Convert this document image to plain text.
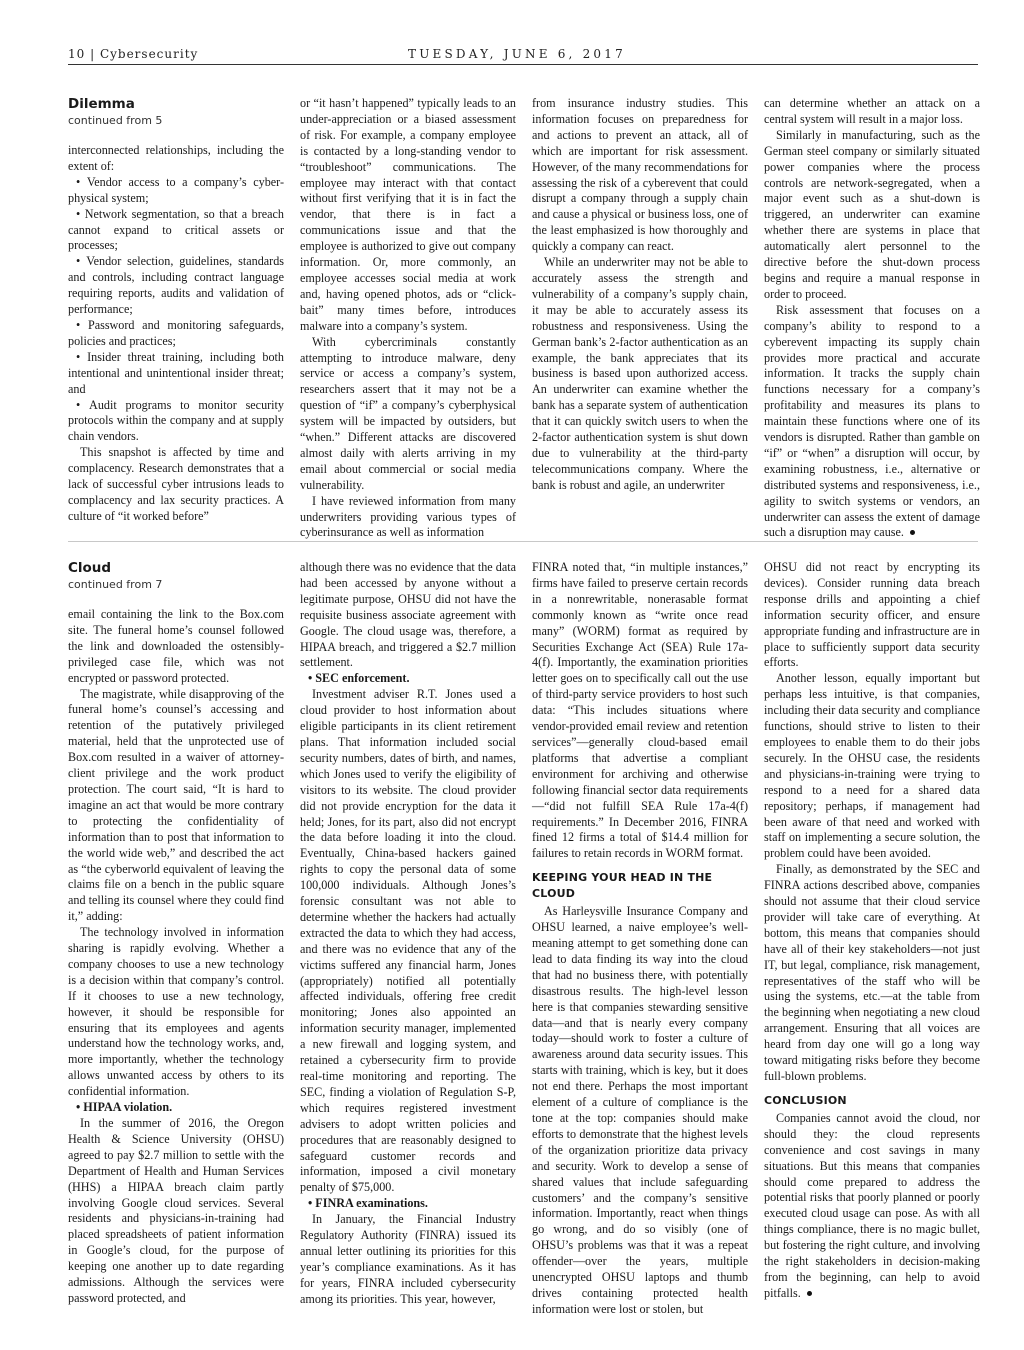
10 | Cybersecurity	TUESDAY, JUNE 6, 2017
Dilemma
continued from 5

interconnected relationships, including the extent of:

• Vendor access to a company’s cyber-physical system;

• Network segmentation, so that a breach cannot expand to critical assets or processes;

• Vendor selection, guidelines, standards and controls, including contract language requiring reports, audits and validation of performance;

• Password and monitoring safeguards, policies and practices;

• Insider threat training, including both intentional and unintentional insider threat; and

• Audit programs to monitor security protocols within the company and at supply chain vendors.

This snapshot is affected by time and complacency. Research demonstrates that a lack of successful cyber intrusions leads to complacency and lax security practices. A culture of “it worked before”

or “it hasn’t happened” typically leads to an under-appreciation or a biased assessment of risk. For example, a company employee is contacted by a long-standing vendor to “troubleshoot” communications. The employee may interact with that contact without first verifying that it is in fact the vendor, that there is in fact a communications issue and that the employee is authorized to give out company information. Or, more commonly, an employee accesses social media at work and, having opened photos, ads or “click-bait” many times before, introduces malware into a company’s system.

With cybercriminals constantly attempting to introduce malware, deny service or access a company’s system, researchers assert that it may not be a question of “if” a company’s cyberphysical system will be impacted by outsiders, but “when.” Different attacks are discovered almost daily with alerts arriving in my email about commercial or social media vulnerability.

I have reviewed information from many underwriters providing various types of cyberinsurance as well as information

from insurance industry studies. This information focuses on preparedness for and actions to prevent an attack, all of which are important for risk assessment. However, of the many recommendations for assessing the risk of a cyberevent that could disrupt a company through a supply chain and cause a physical or business loss, one of the least emphasized is how thoroughly and quickly a company can react.

While an underwriter may not be able to accurately assess the strength and vulnerability of a company’s supply chain, it may be able to accurately assess its robustness and responsiveness. Using the German bank’s 2-factor authentication as an example, the bank appreciates that its business is based upon authorized access. An underwriter can examine whether the bank has a separate system of authentication that it can quickly switch users to when the 2-factor authentication system is shut down due to vulnerability at the third-party telecommunications company. Where the bank is robust and agile, an underwriter

can determine whether an attack on a central system will result in a major loss.

Similarly in manufacturing, such as the German steel company or similarly situated power companies where the process controls are network-segregated, when a major event such as a shut-down is triggered, an underwriter can examine whether there are systems in place that automatically alert personnel to the directive before the shut-down process begins and require a manual response in order to proceed.

Risk assessment that focuses on a company’s ability to respond to a cyberevent impacting its supply chain provides more practical and accurate information. It tracks the supply chain functions necessary for a company’s profitability and measures its plans to maintain these functions where one of its vendors is disrupted. Rather than gamble on “if” or “when” a disruption will occur, by examining robustness, i.e., alternative or distributed systems and responsiveness, i.e., agility to switch systems or vendors, an underwriter can assess the extent of damage such a disruption may cause.

Cloud
continued from 7

email containing the link to the Box.com site. The funeral home’s counsel followed the link and downloaded the ostensibly-privileged case file, which was not encrypted or password protected.

The magistrate, while disapproving of the funeral home’s counsel’s accessing and retention of the putatively privileged material, held that the unprotected use of Box.com resulted in a waiver of attorney-client privilege and the work product protection. The court said, “It is hard to imagine an act that would be more contrary to protecting the confidentiality of information than to post that information to the world wide web,” and described the act as “the cyberworld equivalent of leaving the claims file on a bench in the public square and telling its counsel where they could find it,” adding:

The technology involved in information sharing is rapidly evolving. Whether a company chooses to use a new technology is a decision within that company’s control. If it chooses to use a new technology, however, it should be responsible for ensuring that its employees and agents understand how the technology works, and, more importantly, whether the technology allows unwanted access by others to its confidential information.

• HIPAA violation.

In the summer of 2016, the Oregon Health & Science University (OHSU) agreed to pay $2.7 million to settle with the Department of Health and Human Services (HHS) a HIPAA breach claim partly involving Google cloud services. Several residents and physicians-in-training had placed spreadsheets of patient information in Google’s cloud, for the purpose of keeping one another up to date regarding admissions. Although the services were password protected, and

although there was no evidence that the data had been accessed by anyone without a legitimate purpose, OHSU did not have the requisite business associate agreement with Google. The cloud usage was, therefore, a HIPAA breach, and triggered a $2.7 million settlement.

• SEC enforcement.

Investment adviser R.T. Jones used a cloud provider to host information about eligible participants in its client retirement plans. That information included social security numbers, dates of birth, and names, which Jones used to verify the eligibility of visitors to its website. The cloud provider did not provide encryption for the data it held; Jones, for its part, also did not encrypt the data before loading it into the cloud. Eventually, China-based hackers gained rights to copy the personal data of some 100,000 individuals. Although Jones’s forensic consultant was not able to determine whether the hackers had actually extracted the data to which they had access, and there was no evidence that any of the victims suffered any financial harm, Jones (appropriately) notified all potentially affected individuals, offering free credit monitoring; Jones also appointed an information security manager, implemented a new firewall and logging system, and retained a cybersecurity firm to provide real-time monitoring and reporting. The SEC, finding a violation of Regulation S-P, which requires registered investment advisers to adopt written policies and procedures that are reasonably designed to safeguard customer records and information, imposed a civil monetary penalty of $75,000.

• FINRA examinations.

In January, the Financial Industry Regulatory Authority (FINRA) issued its annual letter outlining its priorities for this year’s compliance examinations. As it has for years, FINRA included cybersecurity among its priorities. This year, however,

FINRA noted that, “in multiple instances,” firms have failed to preserve certain records in a nonrewritable, nonerasable format commonly known as “write once read many” (WORM) format as required by Securities Exchange Act (SEA) Rule 17a-4(f). Importantly, the examination priorities letter goes on to specifically call out the use of third-party service providers to host such data: “This includes situations where vendor-provided email review and retention services”—generally cloud-based email platforms that advertise a compliant environment for archiving and otherwise following financial sector data requirements—“did not fulfill SEA Rule 17a-4(f) requirements.” In December 2016, FINRA fined 12 firms a total of $14.4 million for failures to retain records in WORM format.

KEEPING YOUR HEAD IN THE CLOUD

As Harleysville Insurance Company and OHSU learned, a naive employee’s well-meaning attempt to get something done can lead to data finding its way into the cloud that had no business there, with potentially disastrous results. The high-level lesson here is that companies stewarding sensitive data—and that is nearly every company today—should work to foster a culture of awareness around data security issues. This starts with training, which is key, but it does not end there. Perhaps the most important element of a culture of compliance is the tone at the top: companies should make efforts to demonstrate that the highest levels of the organization prioritize data privacy and security. Work to develop a sense of shared values that include safeguarding customers’ and the company’s sensitive information. Importantly, react when things go wrong, and do so visibly (one of OHSU’s problems was that it was a repeat offender—over the years, multiple unencrypted OHSU laptops and thumb drives containing protected health information were lost or stolen, but

OHSU did not react by encrypting its devices). Consider running data breach response drills and appointing a chief information security officer, and ensure appropriate funding and infrastructure are in place to sufficiently support data security efforts.

Another lesson, equally important but perhaps less intuitive, is that companies, including their data security and compliance functions, should strive to listen to their employees to enable them to do their jobs securely. In the OHSU case, the residents and physicians-in-training were trying to respond to a need for a shared data repository; perhaps, if management had been aware of that need and worked with staff on implementing a secure solution, the problem could have been avoided.

Finally, as demonstrated by the SEC and FINRA actions described above, companies should not assume that their cloud service provider will take care of everything. At bottom, this means that companies should have all of their key stakeholders—not just IT, but legal, compliance, risk management, representatives of the staff who will be using the systems, etc.—at the table from the beginning when negotiating a new cloud arrangement. Ensuring that all voices are heard from day one will go a long way toward mitigating risks before they become full-blown problems.

CONCLUSION

Companies cannot avoid the cloud, nor should they: the cloud represents convenience and cost savings in many situations. But this means that companies should come prepared to address the potential risks that poorly planned or poorly executed cloud usage can pose. As with all things compliance, there is no magic bullet, but fostering the right culture, and involving the right stakeholders in decision-making from the beginning, can help to avoid pitfalls.
